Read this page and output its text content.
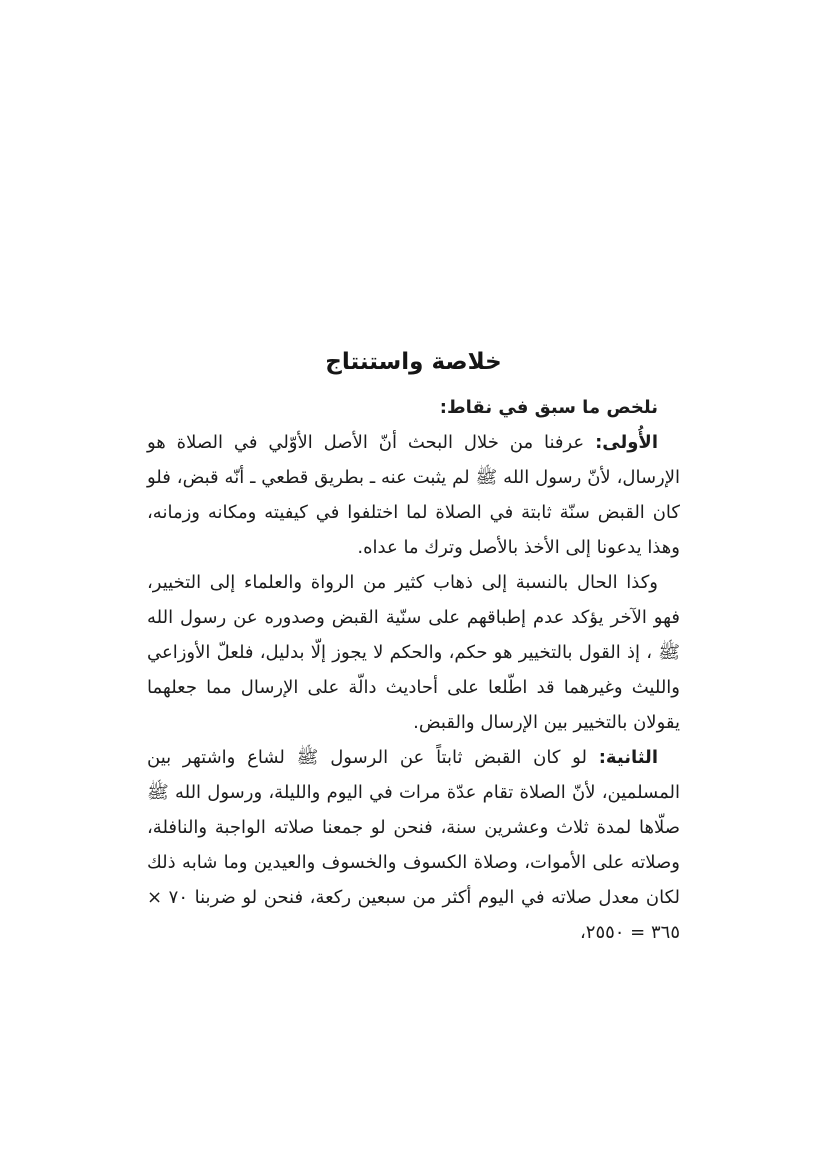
خلاصة واستنتاج

نلخص ما سبق في نقاط:

الأُولى: عرفنا من خلال البحث أنّ الأصل الأوّلي في الصلاة هو الإرسال، لأنّ رسول الله ﷺ لم يثبت عنه ـ بطريق قطعي ـ أنّه قبض، فلو كان القبض سنّة ثابتة في الصلاة لما اختلفوا في كيفيته ومكانه وزمانه، وهذا يدعونا إلى الأخذ بالأصل وترك ما عداه.

وكذا الحال بالنسبة إلى ذهاب كثير من الرواة والعلماء إلى التخيير، فهو الآخر يؤكد عدم إطباقهم على سنّية القبض وصدوره عن رسول الله ﷺ ، إذ القول بالتخيير هو حكم، والحكم لا يجوز إلّا بدليل، فلعلّ الأوزاعي والليث وغيرهما قد اطّلعا على أحاديث دالّة على الإرسال مما جعلهما يقولان بالتخيير بين الإرسال والقبض.

الثانية: لو كان القبض ثابتاً عن الرسول ﷺ لشاع واشتهر بين المسلمين، لأنّ الصلاة تقام عدّة مرات في اليوم والليلة، ورسول الله ﷺ صلّاها لمدة ثلاث وعشرين سنة، فنحن لو جمعنا صلاته الواجبة والنافلة، وصلاته على الأموات، وصلاة الكسوف والخسوف والعيدين وما شابه ذلك لكان معدل صلاته في اليوم أكثر من سبعين ركعة، فنحن لو ضربنا ٧٠ × ٣٦٥ = ٢٥٥٠،
